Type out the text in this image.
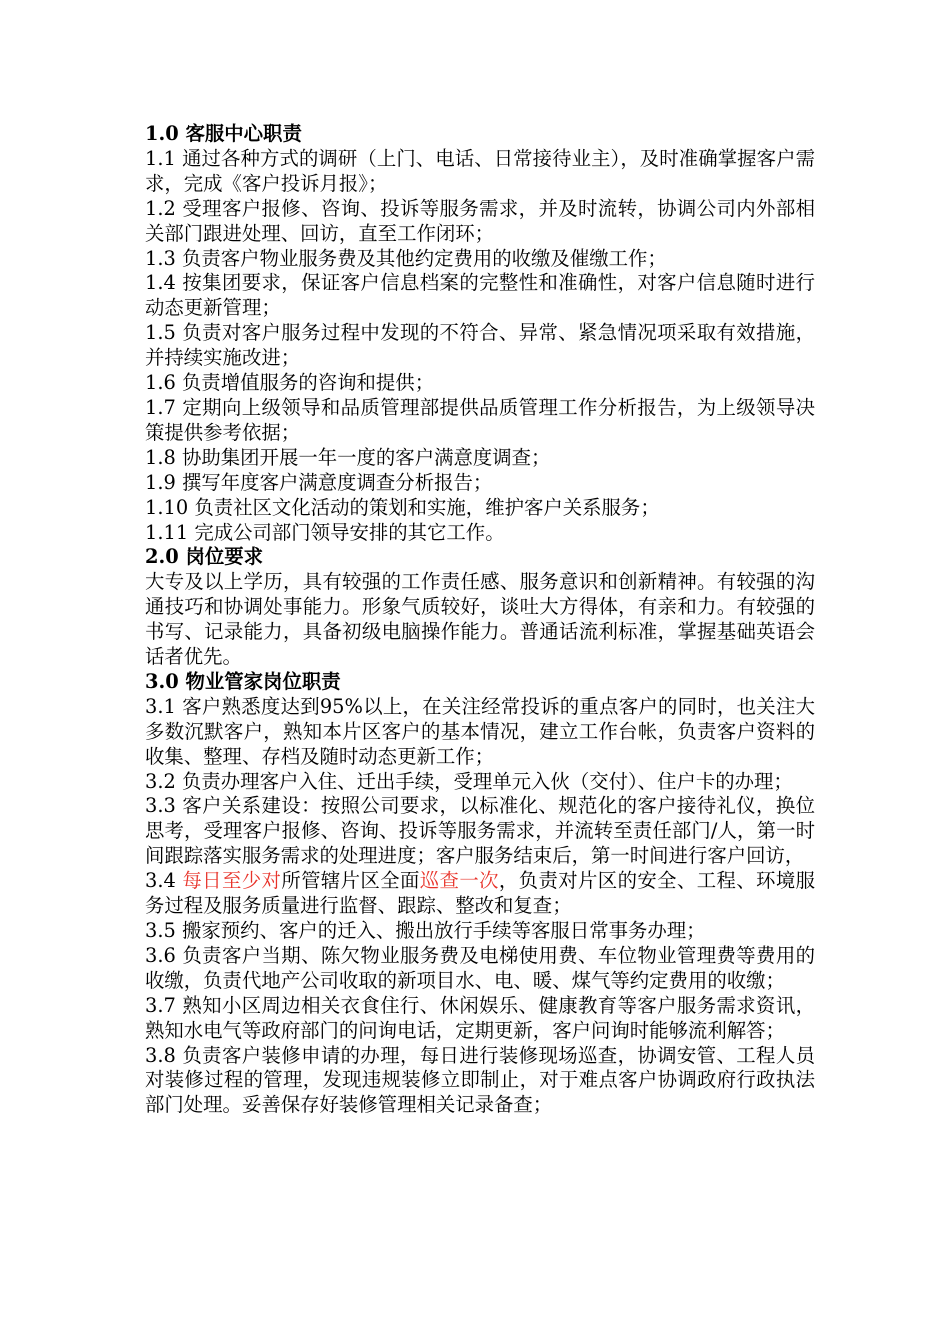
1.0 客服中心职责

1.1 通过各种方式的调研（上门、电话、日常接待业主），及时准确掌握客户需求，完成《客户投诉月报》；

1.2 受理客户报修、咨询、投诉等服务需求，并及时流转，协调公司内外部相关部门跟进处理、回访，直至工作闭环；

1.3 负责客户物业服务费及其他约定费用的收缴及催缴工作；

1.4 按集团要求，保证客户信息档案的完整性和准确性，对客户信息随时进行动态更新管理；

1.5 负责对客户服务过程中发现的不符合、异常、紧急情况项采取有效措施，并持续实施改进；

1.6 负责增值服务的咨询和提供；

1.7 定期向上级领导和品质管理部提供品质管理工作分析报告，为上级领导决策提供参考依据；

1.8 协助集团开展一年一度的客户满意度调查；

1.9 撰写年度客户满意度调查分析报告；

1.10 负责社区文化活动的策划和实施，维护客户关系服务；

1.11 完成公司部门领导安排的其它工作。

2.0 岗位要求

大专及以上学历，具有较强的工作责任感、服务意识和创新精神。有较强的沟通技巧和协调处事能力。形象气质较好，谈吐大方得体，有亲和力。有较强的书写、记录能力，具备初级电脑操作能力。普通话流利标准，掌握基础英语会话者优先。

3.0 物业管家岗位职责

3.1 客户熟悉度达到95%以上，在关注经常投诉的重点客户的同时，也关注大多数沉默客户，熟知本片区客户的基本情况，建立工作台帐，负责客户资料的收集、整理、存档及随时动态更新工作；

3.2 负责办理客户入住、迁出手续，受理单元入伙（交付）、住户卡的办理；

3.3 客户关系建设：按照公司要求，以标准化、规范化的客户接待礼仪，换位思考，受理客户报修、咨询、投诉等服务需求，并流转至责任部门/人，第一时间跟踪落实服务需求的处理进度；客户服务结束后，第一时间进行客户回访，

3.4 每日至少对所管辖片区全面巡查一次，负责对片区的安全、工程、环境服务过程及服务质量进行监督、跟踪、整改和复查；

3.5 搬家预约、客户的迁入、搬出放行手续等客服日常事务办理；

3.6 负责客户当期、陈欠物业服务费及电梯使用费、车位物业管理费等费用的收缴，负责代地产公司收取的新项目水、电、暖、煤气等约定费用的收缴；

3.7 熟知小区周边相关衣食住行、休闲娱乐、健康教育等客户服务需求资讯，熟知水电气等政府部门的问询电话，定期更新，客户问询时能够流利解答；

3.8 负责客户装修申请的办理，每日进行装修现场巡查，协调安管、工程人员对装修过程的管理，发现违规装修立即制止，对于难点客户协调政府行政执法部门处理。妥善保存好装修管理相关记录备查；
